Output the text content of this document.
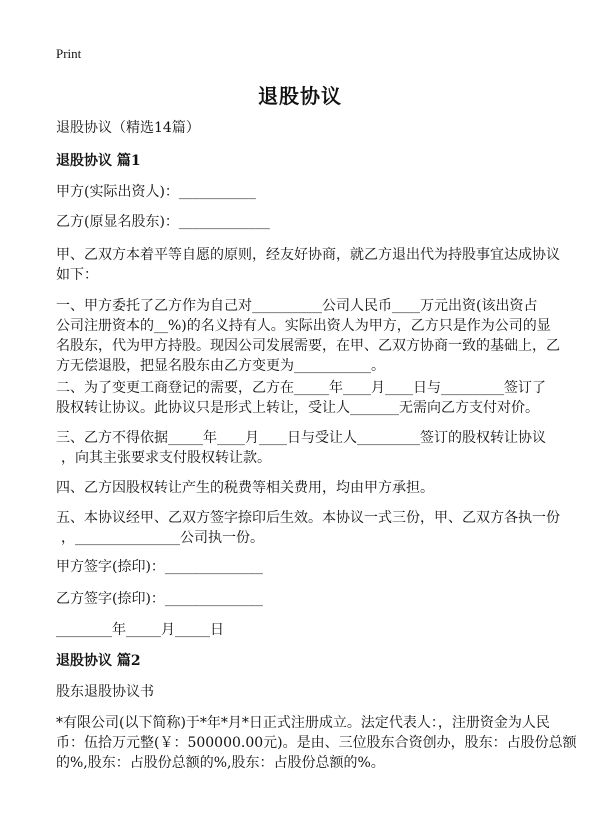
Print
退股协议
退股协议（精选14篇）
退股协议 篇1
甲方(实际出资人)：___________
乙方(原显名股东)：_____________
甲、乙双方本着平等自愿的原则，经友好协商，就乙方退出代为持股事宜达成协议
如下：
一、甲方委托了乙方作为自己对__________公司人民币____万元出资(该出资占
公司注册资本的__%)的名义持有人。实际出资人为甲方，乙方只是作为公司的显
名股东，代为甲方持股。现因公司发展需要，在甲、乙双方协商一致的基础上，乙
方无偿退股，把显名股东由乙方变更为___________。
二、为了变更工商登记的需要，乙方在_____年____月____日与_________签订了
股权转让协议。此协议只是形式上转让，受让人_______无需向乙方支付对价。
三、乙方不得依据_____年____月____日与受让人_________签订的股权转让协议
，向其主张要求支付股权转让款。
四、乙方因股权转让产生的税费等相关费用，均由甲方承担。
五、本协议经甲、乙双方签字捺印后生效。本协议一式三份，甲、乙双方各执一份
，_______________公司执一份。
甲方签字(捺印)：______________
乙方签字(捺印)：______________
________年_____月_____日
退股协议 篇2
股东退股协议书
*有限公司(以下简称)于*年*月*日正式注册成立。法定代表人：，注册资金为人民
币：伍拾万元整(￥：500000.00元)。是由、三位股东合资创办，股东：占股份总额
的%,股东：占股份总额的%,股东：占股份总额的%。
